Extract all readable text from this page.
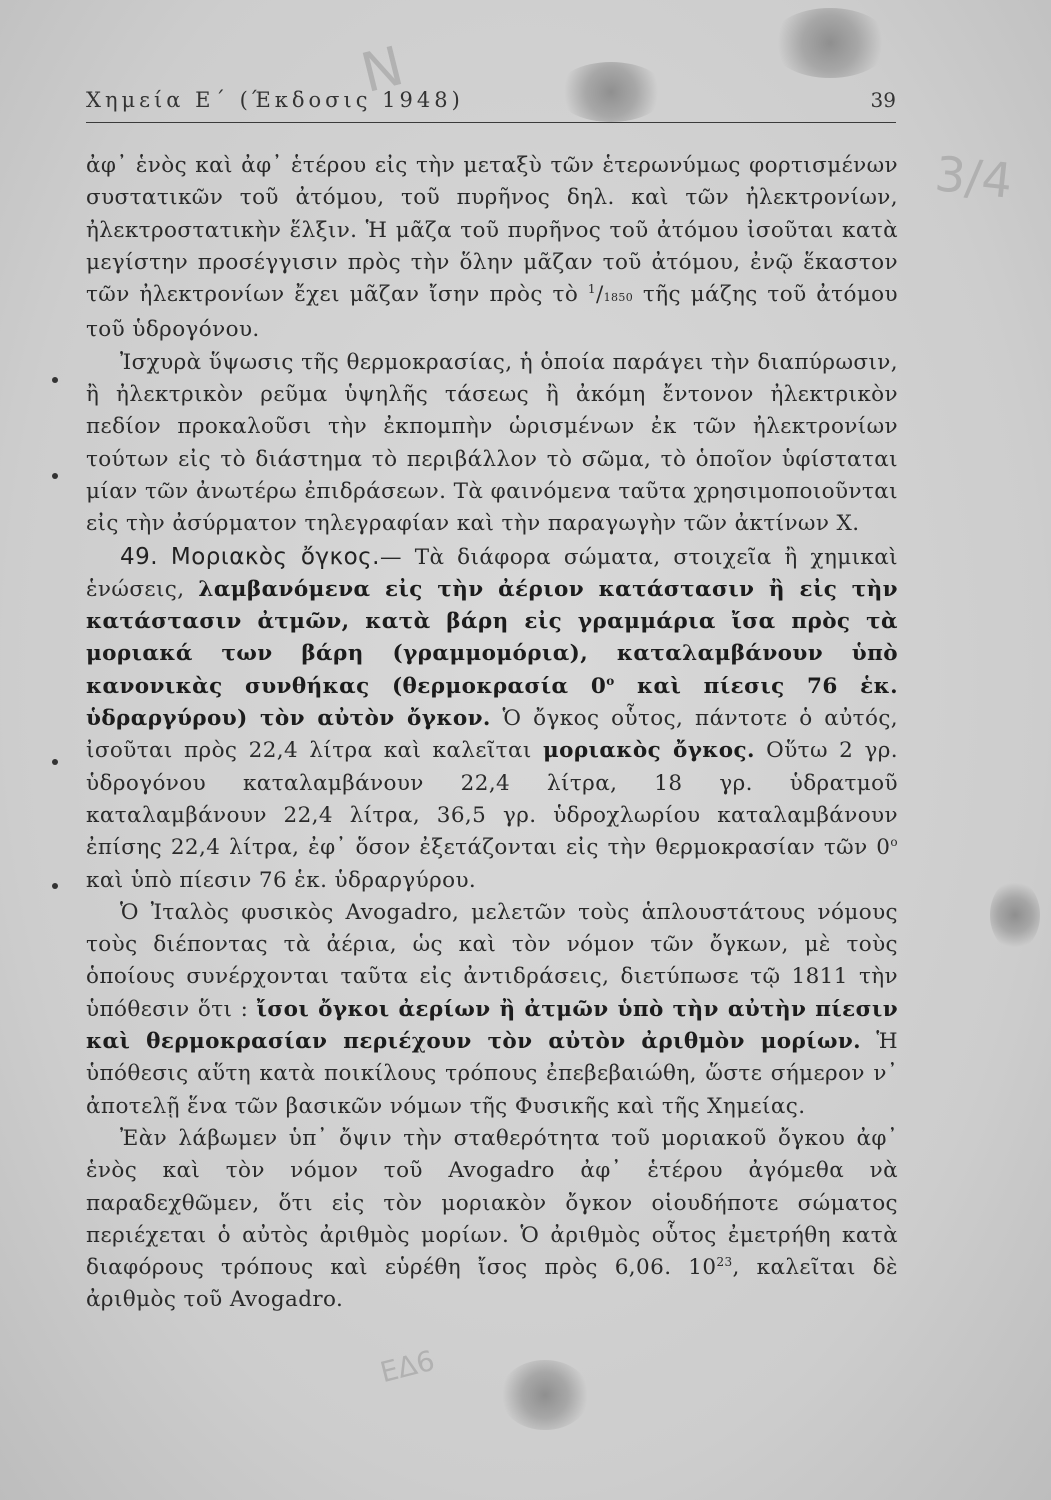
N
3/4
ΕΔ6
Χημεία Ε΄ (Έκδοσις 1948)	39

ἀφ᾽ ἑνὸς καὶ ἀφ᾽ ἑτέρου εἰς τὴν μεταξὺ τῶν ἑτερωνύμως φορτισμένων συστατικῶν τοῦ ἀτόμου, τοῦ πυρῆνος δηλ. καὶ τῶν ἠλεκτρονίων, ἠλεκτροστατικὴν ἕλξιν. Ἡ μᾶζα τοῦ πυρῆνος τοῦ ἀτόμου ἰσοῦται κατὰ μεγίστην προσέγγισιν πρὸς τὴν ὅλην μᾶζαν τοῦ ἀτόμου, ἐνῷ ἕκαστον τῶν ἠλεκτρονίων ἔχει μᾶζαν ἴσην πρὸς τὸ $^1$/1850 τῆς μάζης τοῦ ἀτόμου τοῦ ὑδρογόνου.

Ἰσχυρὰ ὕψωσις τῆς θερμοκρασίας, ἡ ὁποία παράγει τὴν διαπύρωσιν, ἢ ἠλεκτρικὸν ρεῦμα ὑψηλῆς τάσεως ἢ ἀκόμη ἔντονον ἠλεκτρικὸν πεδίον προκαλοῦσι τὴν ἐκπομπὴν ὡρισμένων ἐκ τῶν ἠλεκτρονίων τούτων εἰς τὸ διάστημα τὸ περιβάλλον τὸ σῶμα, τὸ ὁποῖον ὑφίσταται μίαν τῶν ἀνωτέρω ἐπιδράσεων. Τὰ φαινόμενα ταῦτα χρησιμοποιοῦνται εἰς τὴν ἀσύρματον τηλεγραφίαν καὶ τὴν παραγωγὴν τῶν ἀκτίνων Χ.

49. Μοριακὸς ὄγκος.— Τὰ διάφορα σώματα, στοιχεῖα ἢ χημικαὶ ἑνώσεις, λαμβανόμενα εἰς τὴν ἀέριον κατάστασιν ἢ εἰς τὴν κατάστασιν ἀτμῶν, κατὰ βάρη εἰς γραμμάρια ἴσα πρὸς τὰ μοριακά των βάρη (γραμμομόρια), καταλαμβάνουν ὑπὸ κανονικὰς συνθήκας (θερμοκρασία 0$^o$ καὶ πίεσις 76 ἑκ. ὑδραργύρου) τὸν αὐτὸν ὄγκον. Ὁ ὄγκος οὗτος, πάντοτε ὁ αὐτός, ἰσοῦται πρὸς 22,4 λίτρα καὶ καλεῖται μοριακὸς ὄγκος. Οὕτω 2 γρ. ὑδρογόνου καταλαμβάνουν 22,4 λίτρα, 18 γρ. ὑδρατμοῦ καταλαμβάνουν 22,4 λίτρα, 36,5 γρ. ὑδροχλωρίου καταλαμβάνουν ἐπίσης 22,4 λίτρα, ἐφ᾽ ὅσον ἐξετάζονται εἰς τὴν θερμοκρασίαν τῶν 0$^o$ καὶ ὑπὸ πίεσιν 76 ἑκ. ὑδραργύρου.

Ὁ Ἰταλὸς φυσικὸς Avogadro, μελετῶν τοὺς ἁπλουστάτους νόμους τοὺς διέποντας τὰ ἀέρια, ὡς καὶ τὸν νόμον τῶν ὄγκων, μὲ τοὺς ὁποίους συνέρχονται ταῦτα εἰς ἀντιδράσεις, διετύπωσε τῷ 1811 τὴν ὑπόθεσιν ὅτι : ἴσοι ὄγκοι ἀερίων ἢ ἀτμῶν ὑπὸ τὴν αὐτὴν πίεσιν καὶ θερμοκρασίαν περιέχουν τὸν αὐτὸν ἀριθμὸν μορίων. Ἡ ὑπόθεσις αὕτη κατὰ ποικίλους τρόπους ἐπεβεβαιώθη, ὥστε σήμερον ν᾽ ἀποτελῇ ἕνα τῶν βασικῶν νόμων τῆς Φυσικῆς καὶ τῆς Χημείας.

Ἐὰν λάβωμεν ὑπ᾽ ὄψιν τὴν σταθερότητα τοῦ μοριακοῦ ὄγκου ἀφ᾽ ἑνὸς καὶ τὸν νόμον τοῦ Avogadro ἀφ᾽ ἑτέρου ἀγόμεθα νὰ παραδεχθῶμεν, ὅτι εἰς τὸν μοριακὸν ὄγκον οἱουδήποτε σώματος περιέχεται ὁ αὐτὸς ἀριθμὸς μορίων. Ὁ ἀριθμὸς οὗτος ἐμετρήθη κατὰ διαφόρους τρόπους καὶ εὑρέθη ἴσος πρὸς 6,06. $10^{23}$, καλεῖται δὲ ἀριθμὸς τοῦ Avogadro.
